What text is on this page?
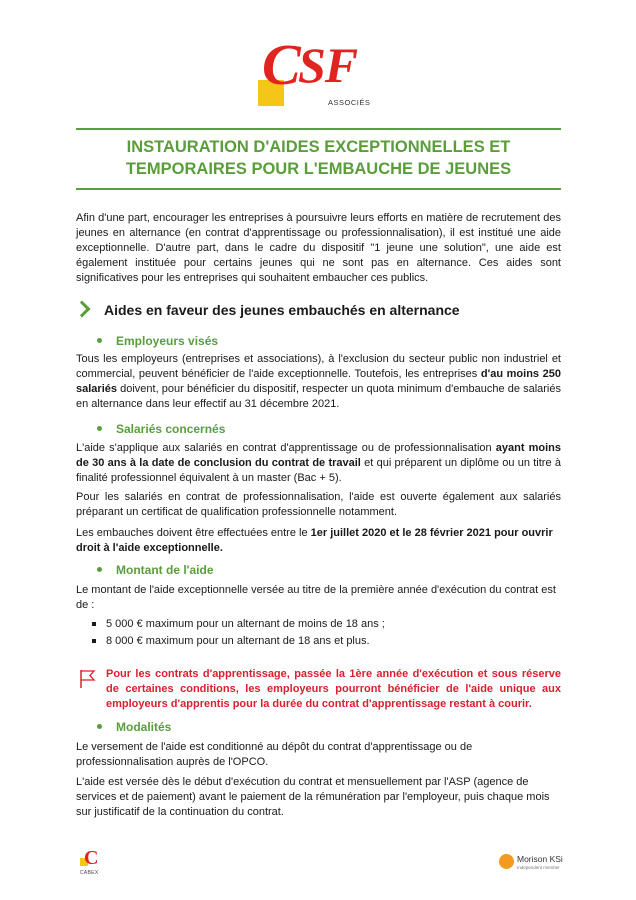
C
SF
ASSOCIÉS
INSTAURATION D'AIDES EXCEPTIONNELLES ET
TEMPORAIRES POUR L'EMBAUCHE DE JEUNES

Afin d'une part, encourager les entreprises à poursuivre leurs efforts en matière de recrutement des jeunes en alternance (en contrat d'apprentissage ou professionnalisation), il est institué une aide exceptionnelle. D'autre part, dans le cadre du dispositif "1 jeune une solution", une aide est également instituée pour certains jeunes qui ne sont pas en alternance. Ces aides sont significatives pour les entreprises qui souhaitent embaucher ces publics.

Aides en faveur des jeunes embauchés en alternance
Employeurs visés

Tous les employeurs (entreprises et associations), à l'exclusion du secteur public non industriel et commercial, peuvent bénéficier de l'aide exceptionnelle. Toutefois, les entreprises d'au moins 250 salariés doivent, pour bénéficier du dispositif, respecter un quota minimum d'embauche de salariés en alternance dans leur effectif au 31 décembre 2021.

Salariés concernés

L'aide s'applique aux salariés en contrat d'apprentissage ou de professionnalisation ayant moins de 30 ans à la date de conclusion du contrat de travail et qui préparent un diplôme ou un titre à finalité professionnel équivalent à un master (Bac + 5).

Pour les salariés en contrat de professionnalisation, l'aide est ouverte également aux salariés préparant un certificat de qualification professionnelle notamment.

Les embauches doivent être effectuées entre le 1er juillet 2020 et le 28 février 2021 pour ouvrir droit à l'aide exceptionnelle.

Montant de l'aide

Le montant de l'aide exceptionnelle versée au titre de la première année d'exécution du contrat est de :

5 000 € maximum pour un alternant de moins de 18 ans ;
8 000 € maximum pour un alternant de 18 ans et plus.
Pour les contrats d'apprentissage, passée la 1ère année d'exécution et sous réserve de certaines conditions, les employeurs pourront bénéficier de l'aide unique aux employeurs d'apprentis pour la durée du contrat d'apprentissage restant à courir.
Modalités

Le versement de l'aide est conditionné au dépôt du contrat d'apprentissage ou de professionnalisation auprès de l'OPCO.

L'aide est versée dès le début d'exécution du contrat et mensuellement par l'ASP (agence de services et de paiement) avant le paiement de la rémunération par l'employeur, puis chaque mois sur justificatif de la continuation du contrat.

C
CABEX
Morison KSi
Independent member
